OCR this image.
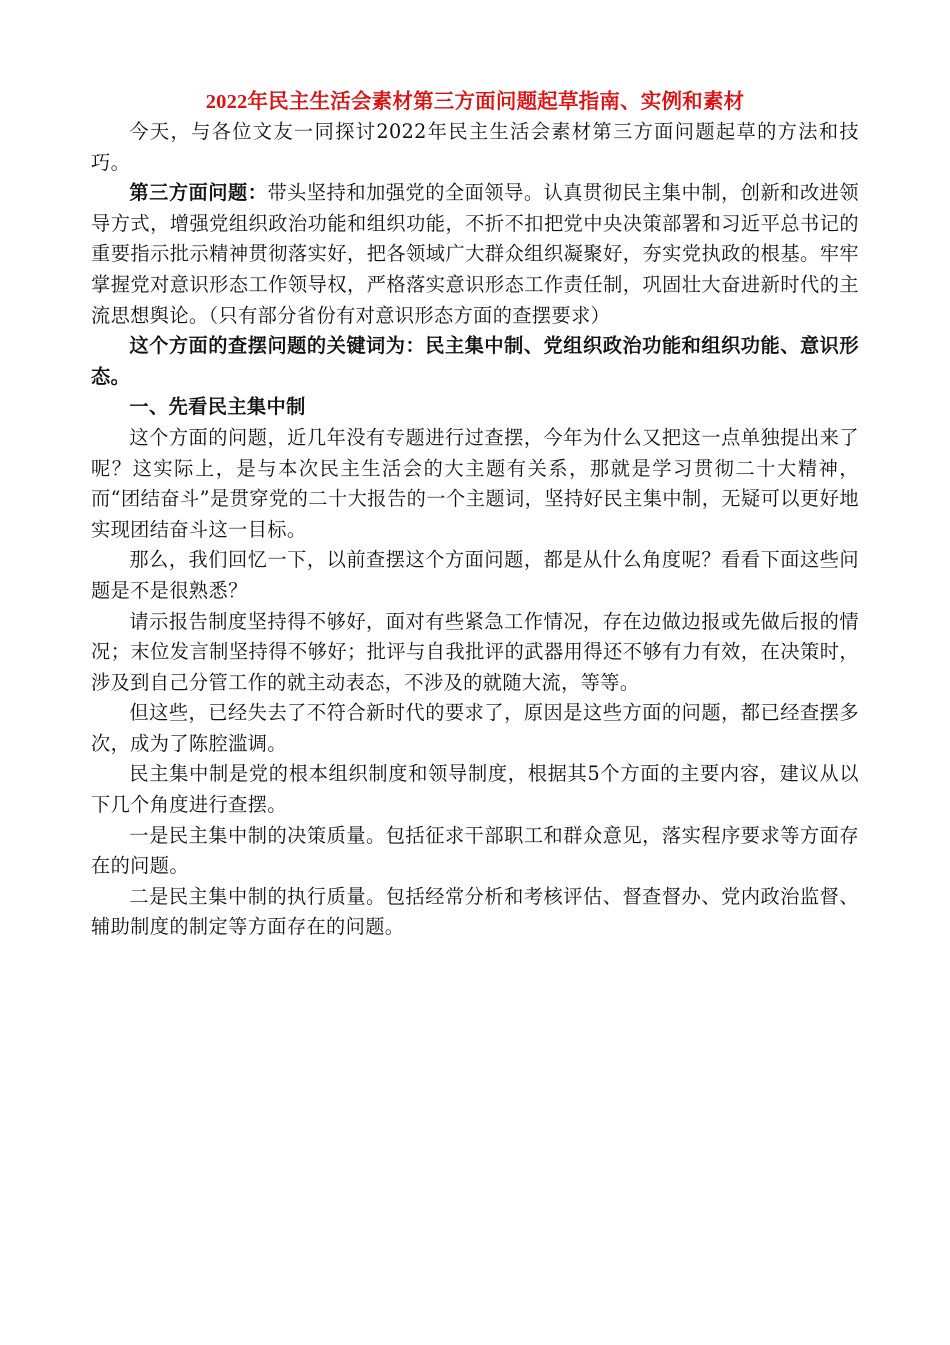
2022年民主生活会素材第三方面问题起草指南、实例和素材

今天，与各位文友一同探讨2022年民主生活会素材第三方面问题起草的方法和技巧。

第三方面问题：带头坚持和加强党的全面领导。认真贯彻民主集中制，创新和改进领导方式，增强党组织政治功能和组织功能，不折不扣把党中央决策部署和习近平总书记的重要指示批示精神贯彻落实好，把各领域广大群众组织凝聚好，夯实党执政的根基。牢牢掌握党对意识形态工作领导权，严格落实意识形态工作责任制，巩固壮大奋进新时代的主流思想舆论。（只有部分省份有对意识形态方面的查摆要求）

这个方面的查摆问题的关键词为：民主集中制、党组织政治功能和组织功能、意识形态。

一、先看民主集中制

这个方面的问题，近几年没有专题进行过查摆，今年为什么又把这一点单独提出来了呢？这实际上，是与本次民主生活会的大主题有关系，那就是学习贯彻二十大精神，而“团结奋斗”是贯穿党的二十大报告的一个主题词，坚持好民主集中制，无疑可以更好地实现团结奋斗这一目标。

那么，我们回忆一下，以前查摆这个方面问题，都是从什么角度呢？看看下面这些问题是不是很熟悉？

请示报告制度坚持得不够好，面对有些紧急工作情况，存在边做边报或先做后报的情况；末位发言制坚持得不够好；批评与自我批评的武器用得还不够有力有效，在决策时，涉及到自己分管工作的就主动表态，不涉及的就随大流，等等。

但这些，已经失去了不符合新时代的要求了，原因是这些方面的问题，都已经查摆多次，成为了陈腔滥调。

民主集中制是党的根本组织制度和领导制度，根据其5个方面的主要内容，建议从以下几个角度进行查摆。

一是民主集中制的决策质量。包括征求干部职工和群众意见，落实程序要求等方面存在的问题。

二是民主集中制的执行质量。包括经常分析和考核评估、督查督办、党内政治监督、辅助制度的制定等方面存在的问题。
